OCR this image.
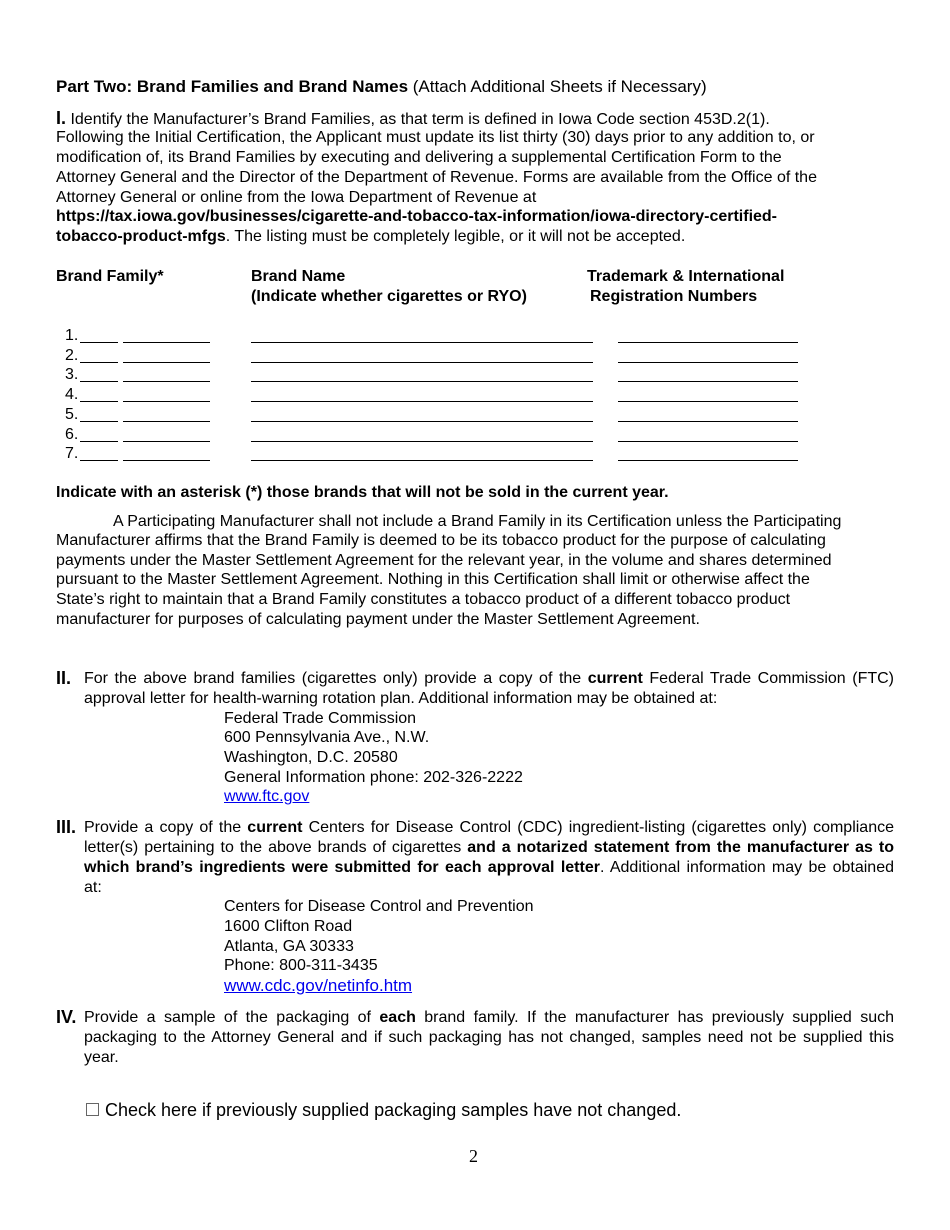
Part Two: Brand Families and Brand Names (Attach Additional Sheets if Necessary)
I. Identify the Manufacturer’s Brand Families, as that term is defined in Iowa Code section 453D.2(1).
Following the Initial Certification, the Applicant must update its list thirty (30) days prior to any addition to, or
modification of, its Brand Families by executing and delivering a supplemental Certification Form to the
Attorney General and the Director of the Department of Revenue. Forms are available from the Office of the
Attorney General or online from the Iowa Department of Revenue at
https://tax.iowa.gov/businesses/cigarette-and-tobacco-tax-information/iowa-directory-certified-
tobacco-product-mfgs. The listing must be completely legible, or it will not be accepted.
Brand Family*	Brand Name
(Indicate whether cigarettes or RYO)
Trademark & International
Registration Numbers
1.
2.
3.
4.
5.
6.
7.
Indicate with an asterisk (*) those brands that will not be sold in the current year.
A Participating Manufacturer shall not include a Brand Family in its Certification unless the Participating
Manufacturer affirms that the Brand Family is deemed to be its tobacco product for the purpose of calculating
payments under the Master Settlement Agreement for the relevant year, in the volume and shares determined
pursuant to the Master Settlement Agreement. Nothing in this Certification shall limit or otherwise affect the
State’s right to maintain that a Brand Family constitutes a tobacco product of a different tobacco product
manufacturer for purposes of calculating payment under the Master Settlement Agreement.
II. For the above brand families (cigarettes only) provide a copy of the current Federal Trade Commission (FTC)
approval letter for health-warning rotation plan. Additional information may be obtained at:
Federal Trade Commission
600 Pennsylvania Ave., N.W.
Washington, D.C. 20580
General Information phone: 202-326-2222
www.ftc.gov
III. Provide a copy of the current Centers for Disease Control (CDC) ingredient-listing (cigarettes only) compliance
letter(s) pertaining to the above brands of cigarettes and a notarized statement from the manufacturer as to
which brand’s ingredients were submitted for each approval letter. Additional information may be obtained
at:
Centers for Disease Control and Prevention
1600 Clifton Road
Atlanta, GA 30333
Phone: 800-311-3435
www.cdc.gov/netinfo.htm
IV. Provide a sample of the packaging of each brand family. If the manufacturer has previously supplied such
packaging to the Attorney General and if such packaging has not changed, samples need not be supplied this
year.
Check here if previously supplied packaging samples have not changed.
2
